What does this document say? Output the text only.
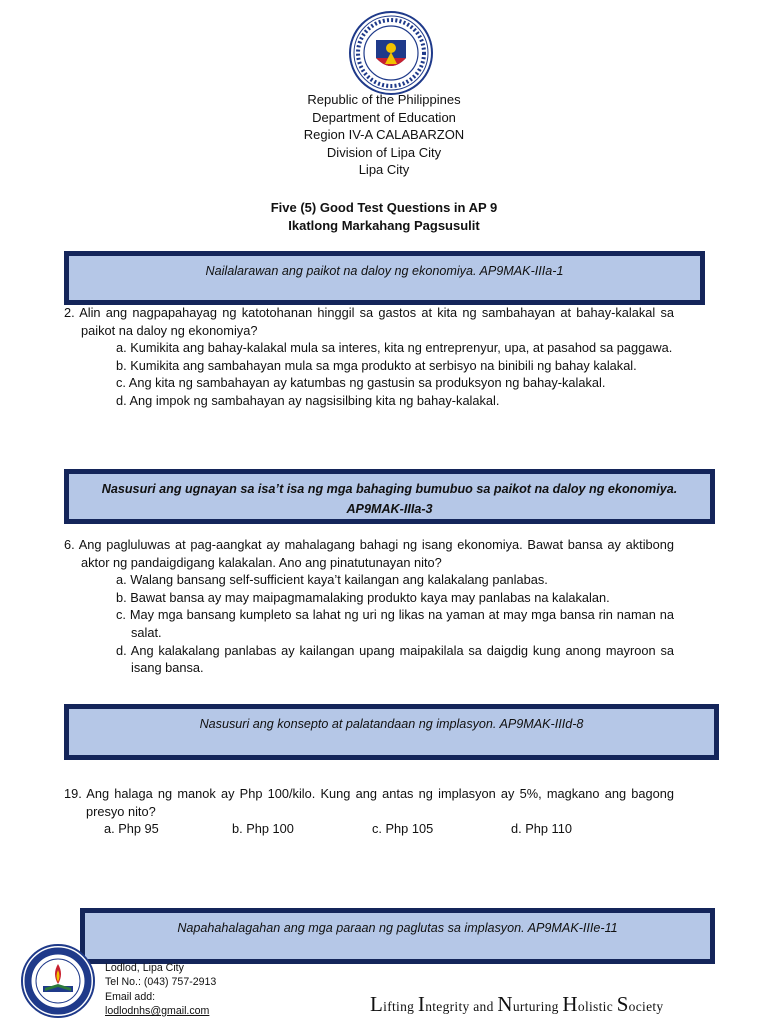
Republic of the Philippines
Department of Education
Region IV-A CALABARZON
Division of Lipa City
Lipa City
Five (5) Good Test Questions in AP 9
Ikatlong Markahang Pagsusulit
Nailalarawan ang paikot na daloy ng ekonomiya. AP9MAK-IIIa-1
2. Alin ang nagpapahayag ng katotohanan hinggil sa gastos at kita ng sambahayan at bahay-kalakal sa paikot na daloy ng ekonomiya?
a. Kumikita ang bahay-kalakal mula sa interes, kita ng entreprenyur, upa, at pasahod sa paggawa.
b. Kumikita ang sambahayan mula sa mga produkto at serbisyo na binibili ng bahay kalakal.
c. Ang kita ng sambahayan ay katumbas ng gastusin sa produksyon ng bahay-kalakal.
d. Ang impok ng sambahayan ay nagsisilbing kita ng bahay-kalakal.
Nasusuri ang ugnayan sa isa’t isa ng mga bahaging bumubuo sa paikot na daloy ng ekonomiya.
AP9MAK-IIIa-3
6. Ang pagluluwas at pag-aangkat ay mahalagang bahagi ng isang ekonomiya. Bawat bansa ay aktibong aktor ng pandaigdigang kalakalan. Ano ang pinatutunayan nito?
a. Walang bansang self-sufficient kaya’t kailangan ang kalakalang panlabas.
b. Bawat bansa ay may maipagmamalaking produkto kaya may panlabas na kalakalan.
c. May mga bansang kumpleto sa lahat ng uri ng likas na yaman at may mga bansa rin naman na salat.
d. Ang kalakalang panlabas ay kailangan upang maipakilala sa daigdig kung anong mayroon sa isang bansa.
Nasusuri ang konsepto at palatandaan ng implasyon. AP9MAK-IIId-8
19. Ang halaga ng manok ay Php 100/kilo. Kung ang antas ng implasyon ay 5%, magkano ang bagong presyo nito?
a. Php 95	b. Php 100	c. Php 105	d. Php 110
Napahahalagahan ang mga paraan ng paglutas sa implasyon. AP9MAK-IIIe-11
Lodlod, Lipa City
Tel No.: (043) 757-2913
Email add:
lodlodnhs@gmail.com	Lifting Integrity and Nurturing Holistic Society
